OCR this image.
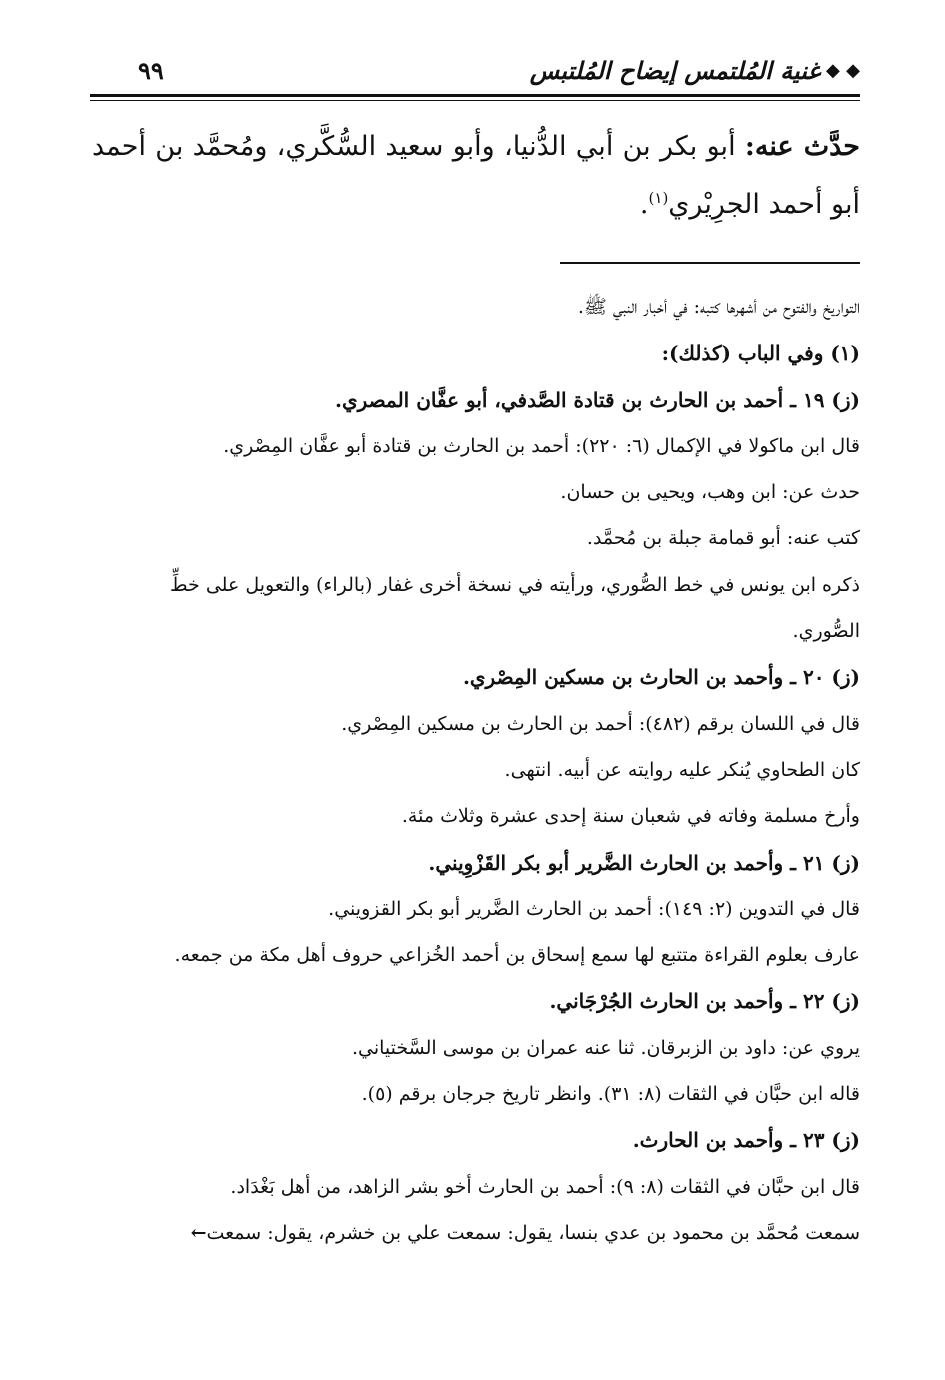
◆ ◆
غنية المُلتمس إيضاح المُلتبس
٩٩
حدَّث عنه: أبو بكر بن أبي الدُّنيا، وأبو سعيد السُّكَّري، ومُحمَّد بن أحمد أبو أحمد الجرِيْري$^{(١)}$.

التواريخ والفتوح من أشهرها كتبه: في أخبار النبي ﷺ.

(١) وفي الباب (كذلك):

(ز) ١٩ ـ أحمد بن الحارث بن قتادة الصَّدفي، أبو عفَّان المصري.

قال ابن ماكولا في الإكمال (٦: ٢٢٠): أحمد بن الحارث بن قتادة أبو عفَّان المِصْري.

حدث عن: ابن وهب، ويحيى بن حسان.

كتب عنه: أبو قمامة جبلة بن مُحمَّد.

ذكره ابن يونس في خط الصُّوري، ورأيته في نسخة أخرى غفار (بالراء) والتعويل على خطِّ

الصُّوري.

(ز) ٢٠ ـ وأحمد بن الحارث بن مسكين المِصْري.

قال في اللسان برقم (٤٨٢): أحمد بن الحارث بن مسكين المِصْري.

كان الطحاوي يُنكر عليه روايته عن أبيه. انتهى.

وأرخ مسلمة وفاته في شعبان سنة إحدى عشرة وثلاث مئة.

(ز) ٢١ ـ وأحمد بن الحارث الضَّرير أبو بكر القَزْوِيني.

قال في التدوين (٢: ١٤٩): أحمد بن الحارث الضَّرير أبو بكر القزويني.

عارف بعلوم القراءة متتبع لها سمع إسحاق بن أحمد الخُزاعي حروف أهل مكة من جمعه.

(ز) ٢٢ ـ وأحمد بن الحارث الجُرْجَاني.

يروي عن: داود بن الزبرقان. ثنا عنه عمران بن موسى السَّختياني.

قاله ابن حبَّان في الثقات (٨: ٣١). وانظر تاريخ جرجان برقم (٥).

(ز) ٢٣ ـ وأحمد بن الحارث.

قال ابن حبَّان في الثقات (٨: ٩): أحمد بن الحارث أخو بشر الزاهد، من أهل بَغْدَاد.

سمعت مُحمَّد بن محمود بن عدي بنسا، يقول: سمعت علي بن خشرم، يقول: سمعت←
